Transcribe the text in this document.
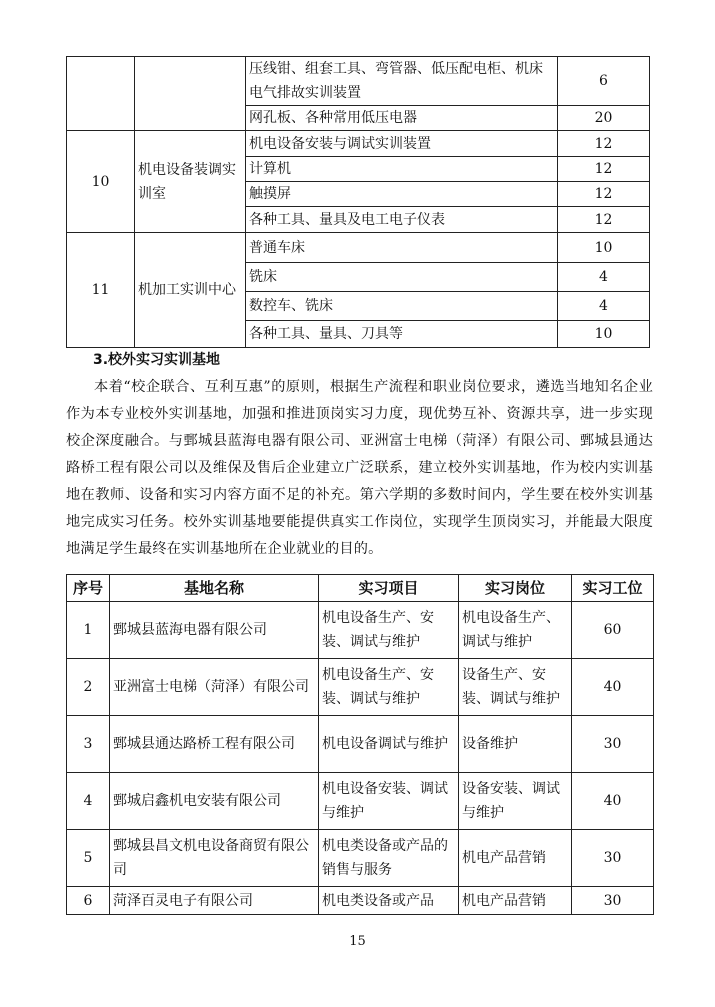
		压线钳、组套工具、弯管器、低压配电柜、机床电气排故实训装置	6
		网孔板、各种常用低压电器	20
10	机电设备装调实训室	机电设备安装与调试实训装置	12
		计算机	12
		触摸屏	12
		各种工具、量具及电工电子仪表	12
11	机加工实训中心	普通车床	10
		铣床	4
		数控车、铣床	4
		各种工具、量具、刀具等	10
3.校外实习实训基地

本着“校企联合、互利互惠”的原则，根据生产流程和职业岗位要求，遴选当地知名企业作为本专业校外实训基地，加强和推进顶岗实习力度，现优势互补、资源共享，进一步实现校企深度融合。与鄄城县蓝海电器有限公司、亚洲富士电梯（菏泽）有限公司、鄄城县通达路桥工程有限公司以及维保及售后企业建立广泛联系，建立校外实训基地，作为校内实训基地在教师、设备和实习内容方面不足的补充。第六学期的多数时间内，学生要在校外实训基地完成实习任务。校外实训基地要能提供真实工作岗位，实现学生顶岗实习，并能最大限度地满足学生最终在实训基地所在企业就业的目的。

序号	基地名称	实习项目	实习岗位	实习工位
1	鄄城县蓝海电器有限公司	机电设备生产、安装、调试与维护	机电设备生产、调试与维护	60
2	亚洲富士电梯（菏泽）有限公司	机电设备生产、安装、调试与维护	设备生产、安装、调试与维护	40
3	鄄城县通达路桥工程有限公司	机电设备调试与维护	设备维护	30
4	鄄城启鑫机电安装有限公司	机电设备安装、调试与维护	设备安装、调试与维护	40
5	鄄城县昌文机电设备商贸有限公司	机电类设备或产品的销售与服务	机电产品营销	30
6	菏泽百灵电子有限公司	机电类设备或产品	机电产品营销	30
15
